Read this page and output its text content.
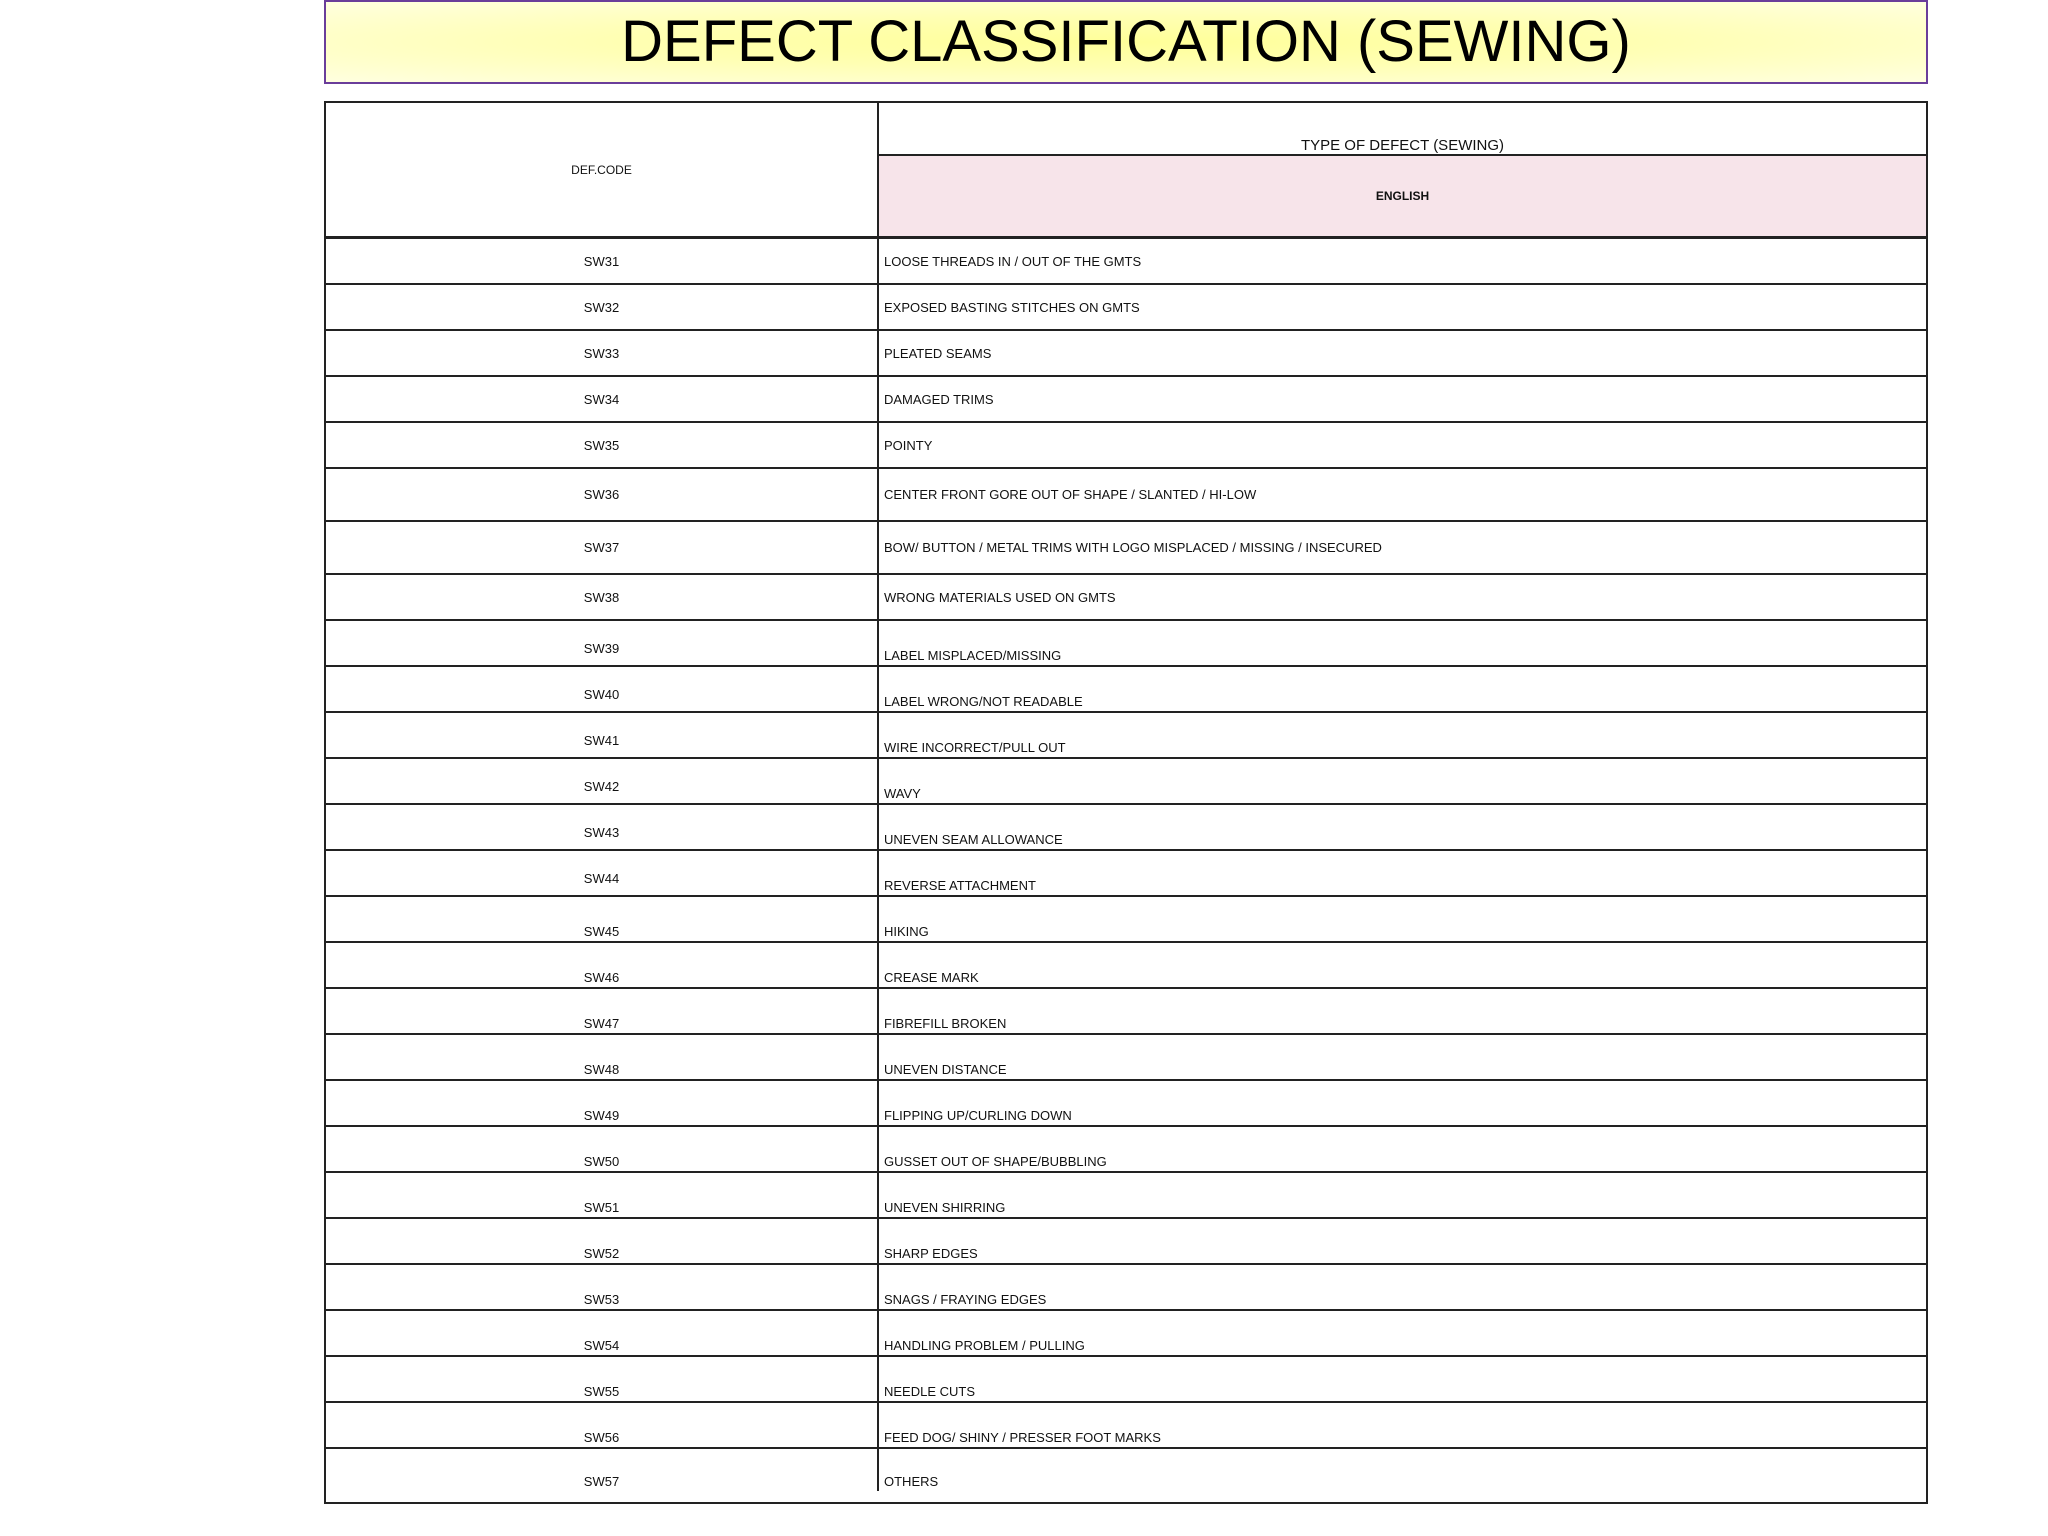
DEFECT CLASSIFICATION (SEWING)
DEF.CODE
TYPE OF DEFECT (SEWING)
ENGLISH
SW31	LOOSE THREADS IN / OUT OF THE GMTS
SW32	EXPOSED BASTING STITCHES ON GMTS
SW33	PLEATED SEAMS
SW34	DAMAGED TRIMS
SW35	POINTY
SW36	CENTER FRONT GORE OUT OF SHAPE / SLANTED / HI-LOW
SW37	BOW/ BUTTON / METAL TRIMS WITH LOGO MISPLACED / MISSING / INSECURED
SW38	WRONG MATERIALS USED ON GMTS
SW39	LABEL MISPLACED/MISSING
SW40	LABEL WRONG/NOT READABLE
SW41	WIRE INCORRECT/PULL OUT
SW42	WAVY
SW43	UNEVEN SEAM ALLOWANCE
SW44	REVERSE ATTACHMENT
SW45	HIKING
SW46	CREASE MARK
SW47	FIBREFILL BROKEN
SW48	UNEVEN DISTANCE
SW49	FLIPPING UP/CURLING DOWN
SW50	GUSSET OUT OF SHAPE/BUBBLING
SW51	UNEVEN SHIRRING
SW52	SHARP EDGES
SW53	SNAGS / FRAYING EDGES
SW54	HANDLING PROBLEM / PULLING
SW55	NEEDLE CUTS
SW56	FEED DOG/ SHINY / PRESSER FOOT MARKS
SW57	OTHERS
